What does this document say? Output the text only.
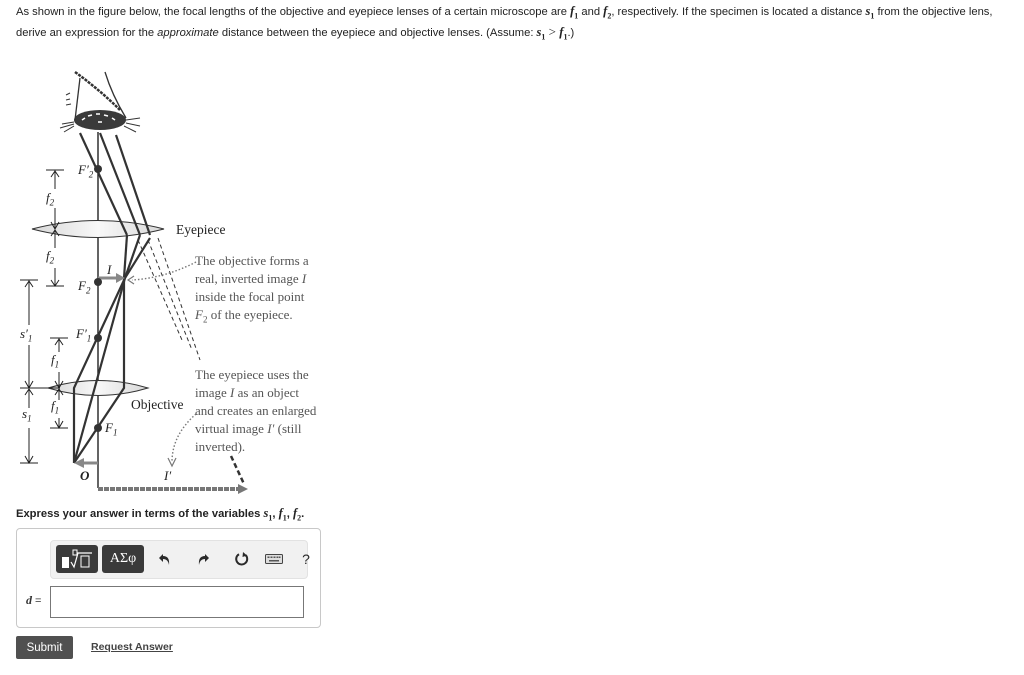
As shown in the figure below, the focal lengths of the objective and eyepiece lenses of a certain microscope are $f_1$ and $f_2$, respectively. If the specimen is located a distance $s_1$ from the objective lens, derive an expression for the approximate distance between the eyepiece and objective lenses. (Assume: $s_1 > f_1$.)
$F'_2$
$f_2$
$f_2$
$F_2$
I
$s'_1$	$F'_1$
$f_1$
$f_1$
$s_1$
$F_1$
O	I′
Eyepiece
Objective
The objective forms a
real, inverted image I
inside the focal point
$F_2$ of the eyepiece.
The eyepiece uses the
image I as an object
and creates an enlarged
virtual image I′ (still
inverted).
Express your answer in terms of the variables $s_1$, $f_1$, $f_2$.
ΑΣφ	?
d =
Submit	Request Answer
